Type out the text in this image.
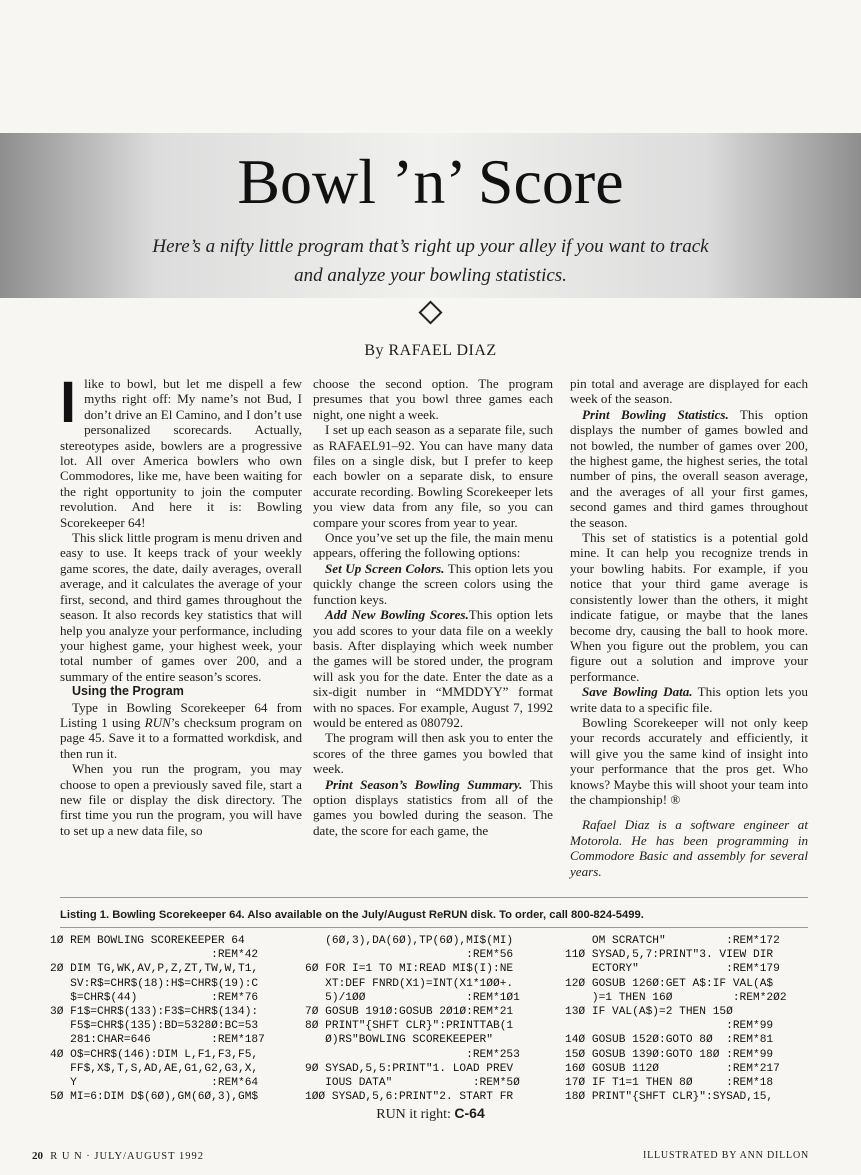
Bowl ’n’ Score
Here’s a nifty little program that’s right up your alley if you want to track and analyze your bowling statistics.
By RAFAEL DIAZ

Ilike to bowl, but let me dispell a few myths right off: My name’s not Bud, I don’t drive an El Camino, and I don’t use personalized scorecards. Actually, stereotypes aside, bowlers are a progressive lot. All over America bowlers who own Commodores, like me, have been waiting for the right opportunity to join the computer revolution. And here it is: Bowling Scorekeeper 64!

This slick little program is menu driven and easy to use. It keeps track of your weekly game scores, the date, daily averages, overall average, and it calculates the average of your first, second, and third games throughout the season. It also records key statistics that will help you analyze your performance, including your highest game, your highest week, your total number of games over 200, and a summary of the entire season’s scores.

Using the Program

Type in Bowling Scorekeeper 64 from Listing 1 using RUN’s checksum program on page 45. Save it to a formatted workdisk, and then run it.

When you run the program, you may choose to open a previously saved file, start a new file or display the disk directory. The first time you run the program, you will have to set up a new data file, so

choose the second option. The program presumes that you bowl three games each night, one night a week.

I set up each season as a separate file, such as RAFAEL91–92. You can have many data files on a single disk, but I prefer to keep each bowler on a separate disk, to ensure accurate recording. Bowling Scorekeeper lets you view data from any file, so you can compare your scores from year to year.

Once you’ve set up the file, the main menu appears, offering the following options:

Set Up Screen Colors. This option lets you quickly change the screen colors using the function keys.

Add New Bowling Scores.This option lets you add scores to your data file on a weekly basis. After displaying which week number the games will be stored under, the program will ask you for the date. Enter the date as a six-digit number in “MMDDYY” format with no spaces. For example, August 7, 1992 would be entered as 080792.

The program will then ask you to enter the scores of the three games you bowled that week.

Print Season’s Bowling Summary. This option displays statistics from all of the games you bowled during the season. The date, the score for each game, the

pin total and average are displayed for each week of the season.

Print Bowling Statistics. This option displays the number of games bowled and not bowled, the number of games over 200, the highest game, the highest series, the total number of pins, the overall season average, and the averages of all your first games, second games and third games throughout the season.

This set of statistics is a potential gold mine. It can help you recognize trends in your bowling habits. For example, if you notice that your third game average is consistently lower than the others, it might indicate fatigue, or maybe that the lanes become dry, causing the ball to hook more. When you figure out the problem, you can figure out a solution and improve your performance.

Save Bowling Data. This option lets you write data to a specific file.

Bowling Scorekeeper will not only keep your records accurately and efficiently, it will give you the same kind of insight into your performance that the pros get. Who knows? Maybe this will shoot your team into the championship! ®

Rafael Diaz is a software engineer at Motorola. He has been programming in Commodore Basic and assembly for several years.

Listing 1. Bowling Scorekeeper 64. Also available on the July/August ReRUN disk. To order, call 800-824-5499.
1Ø REM BOWLING SCOREKEEPER 64
:REM*42
2Ø DIM TG,WK,AV,P,Z,ZT,TW,W,T1,
SV:R$=CHR$(18):H$=CHR$(19):C
$=CHR$(44)           :REM*76
3Ø F1$=CHR$(133):F3$=CHR$(134):
F5$=CHR$(135):BD=5328Ø:BC=53
281:CHAR=646         :REM*187
4Ø O$=CHR$(146):DIM L,F1,F3,F5,
FF$,X$,T,S,AD,AE,G1,G2,G3,X,
Y                    :REM*64
5Ø MI=6:DIM D$(6Ø),GM(6Ø,3),GM$
(6Ø,3),DA(6Ø),TP(6Ø),MI$(MI)
:REM*56
6Ø FOR I=1 TO MI:READ MI$(I):NE
XT:DEF FNRD(X1)=INT(X1*1ØØ+.
5)/1ØØ               :REM*1Ø1
7Ø GOSUB 191Ø:GOSUB 2Ø1Ø:REM*21
8Ø PRINT"{SHFT CLR}":PRINTTAB(1
Ø)RS"BOWLING SCOREKEEPER"
:REM*253
9Ø SYSAD,5,5:PRINT"1. LOAD PREV
IOUS DATA"            :REM*5Ø
1ØØ SYSAD,5,6:PRINT"2. START FR
OM SCRATCH"         :REM*172
11Ø SYSAD,5,7:PRINT"3. VIEW DIR
ECTORY"             :REM*179
12Ø GOSUB 126Ø:GET A$:IF VAL(A$
)=1 THEN 16Ø         :REM*2Ø2
13Ø IF VAL(A$)=2 THEN 15Ø
:REM*99
14Ø GOSUB 152Ø:GOTO 8Ø  :REM*81
15Ø GOSUB 139Ø:GOTO 18Ø :REM*99
16Ø GOSUB 112Ø          :REM*217
17Ø IF T1=1 THEN 8Ø     :REM*18
18Ø PRINT"{SHFT CLR}":SYSAD,15,
RUN it right: C-64
20 R U N · JULY/AUGUST 1992	ILLUSTRATED BY ANN DILLON
